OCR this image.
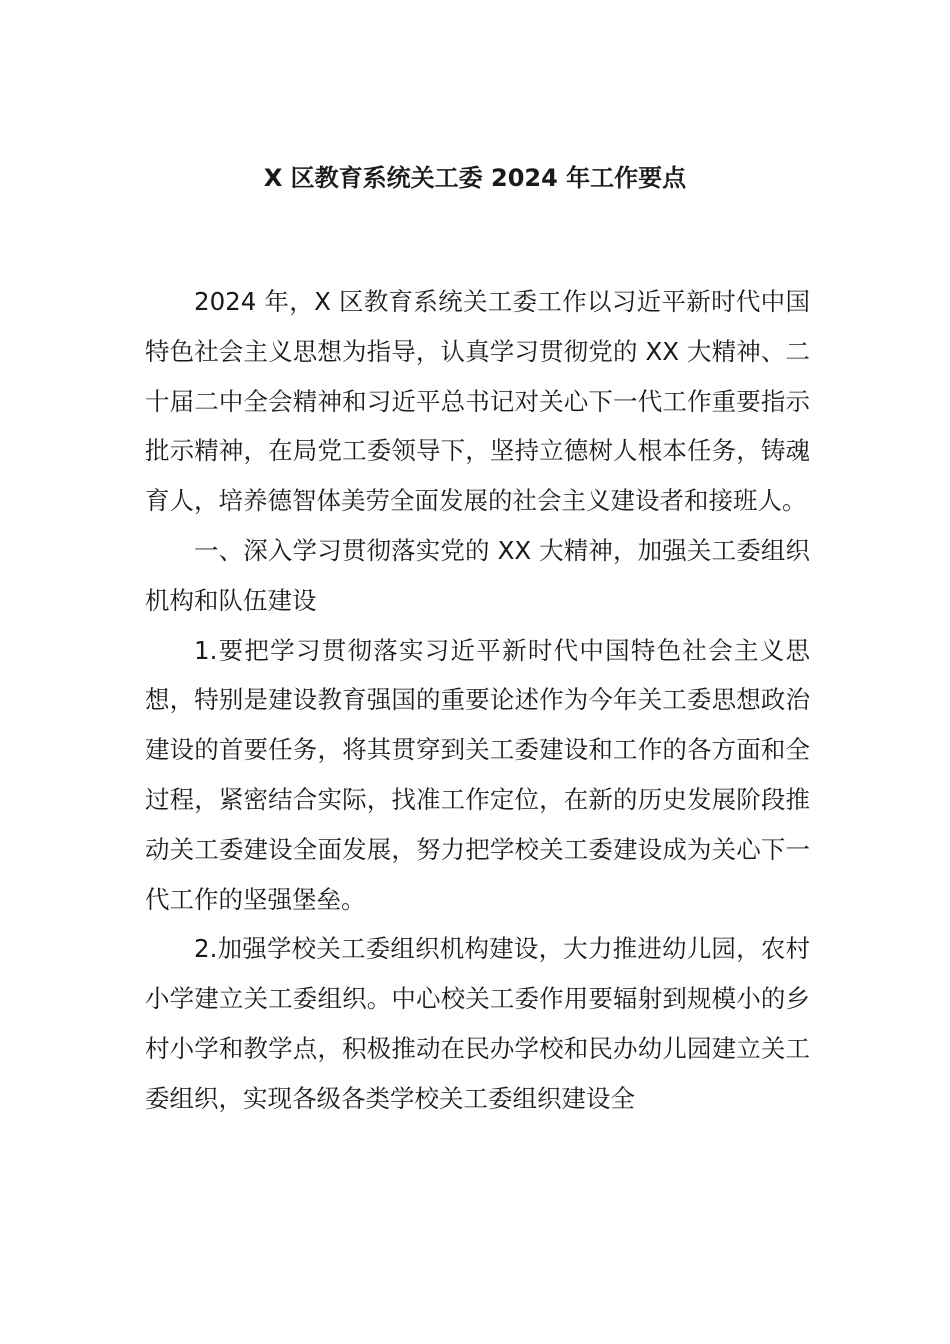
X 区教育系统关工委 2024 年工作要点

2024 年，X 区教育系统关工委工作以习近平新时代中国特色社会主义思想为指导，认真学习贯彻党的 XX 大精神、二十届二中全会精神和习近平总书记对关心下一代工作重要指示批示精神，在局党工委领导下，坚持立德树人根本任务，铸魂育人，培养德智体美劳全面发展的社会主义建设者和接班人。

一、深入学习贯彻落实党的 XX 大精神，加强关工委组织机构和队伍建设

1.要把学习贯彻落实习近平新时代中国特色社会主义思想，特别是建设教育强国的重要论述作为今年关工委思想政治建设的首要任务，将其贯穿到关工委建设和工作的各方面和全过程，紧密结合实际，找准工作定位，在新的历史发展阶段推动关工委建设全面发展，努力把学校关工委建设成为关心下一代工作的坚强堡垒。

2.加强学校关工委组织机构建设，大力推进幼儿园，农村小学建立关工委组织。中心校关工委作用要辐射到规模小的乡村小学和教学点，积极推动在民办学校和民办幼儿园建立关工委组织，实现各级各类学校关工委组织建设全
